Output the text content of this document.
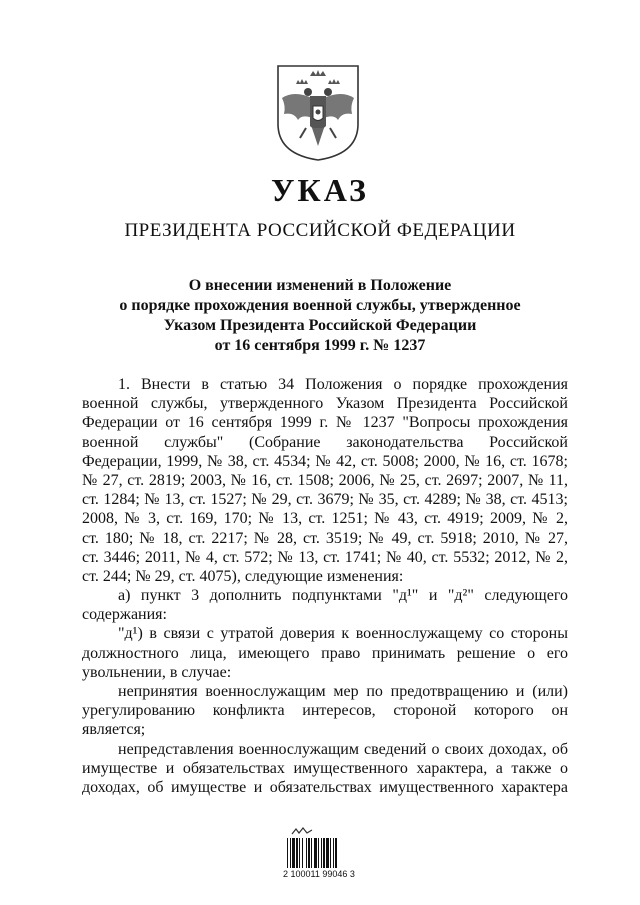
УКАЗ
ПРЕЗИДЕНТА РОССИЙСКОЙ ФЕДЕРАЦИИ
О внесении изменений в Положение
о порядке прохождения военной службы, утвержденное
Указом Президента Российской Федерации
от 16 сентября 1999 г. № 1237
1. Внести в статью 34 Положения о порядке прохождения
военной службы, утвержденного Указом Президента Российской
Федерации от 16 сентября 1999 г. № 1237 "Вопросы прохождения
военной службы" (Собрание законодательства Российской
Федерации, 1999, № 38, ст. 4534; № 42, ст. 5008; 2000, № 16, ст. 1678;
№ 27, ст. 2819; 2003, № 16, ст. 1508; 2006, № 25, ст. 2697; 2007, № 11,
ст. 1284; № 13, ст. 1527; № 29, ст. 3679; № 35, ст. 4289; № 38, ст. 4513;
2008, № 3, ст. 169, 170; № 13, ст. 1251; № 43, ст. 4919; 2009, № 2,
ст. 180; № 18, ст. 2217; № 28, ст. 3519; № 49, ст. 5918; 2010, № 27,
ст. 3446; 2011, № 4, ст. 572; № 13, ст. 1741; № 40, ст. 5532; 2012, № 2,
ст. 244; № 29, ст. 4075), следующие изменения:
а) пункт 3 дополнить подпунктами "д¹" и "д²" следующего
содержания:
"д¹) в связи с утратой доверия к военнослужащему со стороны
должностного лица, имеющего право принимать решение о его
увольнении, в случае:
непринятия военнослужащим мер по предотвращению и (или)
урегулированию конфликта интересов, стороной которого он
является;
непредставления военнослужащим сведений о своих доходах, об
имуществе и обязательствах имущественного характера, а также о
доходах, об имуществе и обязательствах имущественного характера
2 100011 99046 3
